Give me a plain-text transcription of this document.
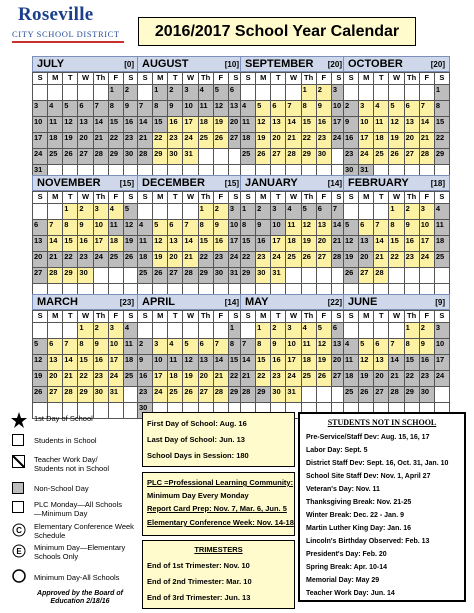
Roseville
CITY SCHOOL DISTRICT	2016/2017 School Year Calendar
JULY	[0]
S	M	T	W	Th	F	S
					1	2
3	4	5	6	7	8	9
10	11	12	13	14	15	16
17	18	19	20	21	22	23
24	25	26	27	28	29	30
31						
AUGUST	[10]
S	M	T	W	Th	F	S
	1	2	3	4	5	6
7	8	9	10	11	12	13
14	15	16	17	18	19	20
21	22	23	24	25	26	27
28	29	30	31			

SEPTEMBER [20]
S	M	T	W	Th	F	S
				1	2	3
4	5	6	7	8	9	10
11	12	13	14	15	16	17
18	19	20	21	22	23	24
25	26	27	28	29	30	

OCTOBER	[20]
S	M	T	W	Th	F	S
						1
2	3	4	5	6	7	8
9	10	11	12	13	14	15
16	17	18	19	20	21	22
23	24	25	26	27	28	29
30	31					
NOVEMBER [15]
S	M	T	W	Th	F	S
		1	2	3	4	5
6	7	8	9	10	11	12
13	14	15	16	17	18	19
20	21	22	23	24	25	26
27	28	29	30			

DECEMBER [15]
S	M	T	W	Th	F	S
				1	2	3
4	5	6	7	8	9	10
11	12	13	14	15	16	17
18	19	20	21	22	23	24
25	26	27	28	29	30	31

JANUARY	[14]
S	M	T	W	Th	F	S
1	2	3	4	5	6	7
8	9	10	11	12	13	14
15	16	17	18	19	20	21
22	23	24	25	26	27	28
29	30	31				

FEBRUARY	[18]
S	M	T	W	Th	F	S
			1	2	3	4
5	6	7	8	9	10	11
12	13	14	15	16	17	18
19	20	21	22	23	24	25
26	27	28				

MARCH	[23]
S	M	T	W	Th	F	S
			1	2	3	4
5	6	7	8	9	10	11
12	13	14	15	16	17	18
19	20	21	22	23	24	25
26	27	28	29	30	31	

APRIL	[14]
S	M	T	W	Th	F	S
						1
2	3	4	5	6	7	8
9	10	11	12	13	14	15
16	17	18	19	20	21	22
23	24	25	26	27	28	29
30						
MAY	[22]
S	M	T	W	Th	F	S
	1	2	3	4	5	6
7	8	9	10	11	12	13
14	15	16	17	18	19	20
21	22	23	24	25	26	27
28	29	30	31			

JUNE	[9]
S	M	T	W	Th	F	S
				1	2	3
4	5	6	7	8	9	10
11	12	13	14	15	16	17
18	19	20	21	22	23	24
25	26	27	28	29	30	

1st Day of School
Students in School
Teacher Work Day/ Students not in School
Non-School Day
PLC Monday—All Schools—Minimum Day
C Elementary Conference Week Schedule
E Minimum Day—Elementary Schools Only
Minimum Day-All Schools
Approved by the Board of Education 2/18/16
First Day of School: Aug. 16
Last Day of School: Jun. 13
School Days in Session: 180
PLC =Professional Learning Community:
Minimum Day Every Monday
Report Card Prep: Nov. 7, Mar. 6, Jun. 5
Elementary Conference Week: Nov. 14-18
TRIMESTERS
End of 1st Trimester: Nov. 10
End of 2nd Trimester: Mar. 10
End of 3rd Trimester: Jun. 13
STUDENTS NOT IN SCHOOL
Pre-Service/Staff Dev: Aug. 15, 16, 17
Labor Day: Sept. 5
District Staff Dev: Sept. 16, Oct. 31, Jan. 10
School Site Staff Dev: Nov. 1, April 27
Veteran's Day: Nov. 11
Thanksgiving Break: Nov. 21-25
Winter Break: Dec. 22 - Jan. 9
Martin Luther King Day: Jan. 16
Lincoln's Birthday Observed: Feb. 13
President's Day: Feb. 20
Spring Break: Apr. 10-14
Memorial Day: May 29
Teacher Work Day: Jun. 14
